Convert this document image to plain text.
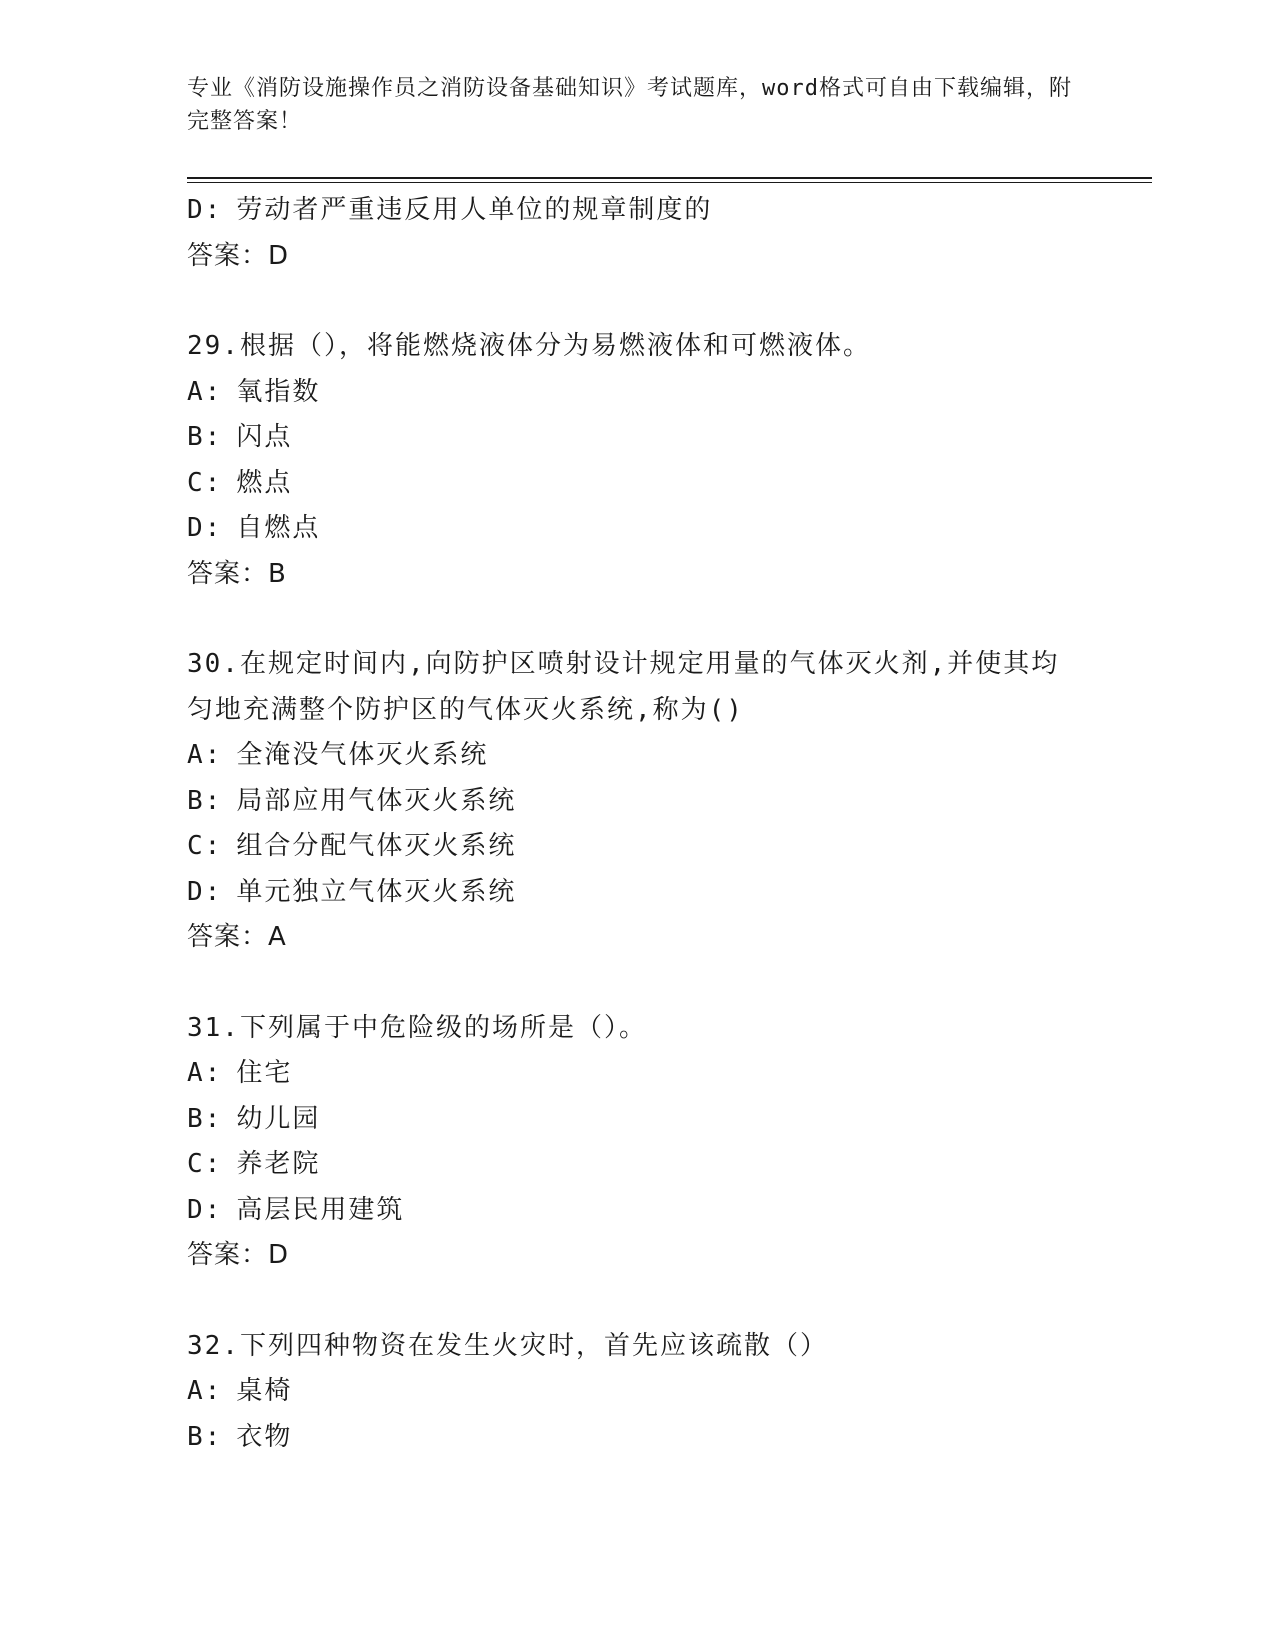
专业《消防设施操作员之消防设备基础知识》考试题库，word格式可自由下载编辑，附完整答案！
D: 劳动者严重违反用人单位的规章制度的
答案：D
29.根据（），将能燃烧液体分为易燃液体和可燃液体。
A: 氧指数
B: 闪点
C: 燃点
D: 自燃点
答案：B
30.在规定时间内,向防护区喷射设计规定用量的气体灭火剂,并使其均
匀地充满整个防护区的气体灭火系统,称为()
A: 全淹没气体灭火系统
B: 局部应用气体灭火系统
C: 组合分配气体灭火系统
D: 单元独立气体灭火系统
答案：A
31.下列属于中危险级的场所是（）。
A: 住宅
B: 幼儿园
C: 养老院
D: 高层民用建筑
答案：D
32.下列四种物资在发生火灾时，首先应该疏散（）
A: 桌椅
B: 衣物
